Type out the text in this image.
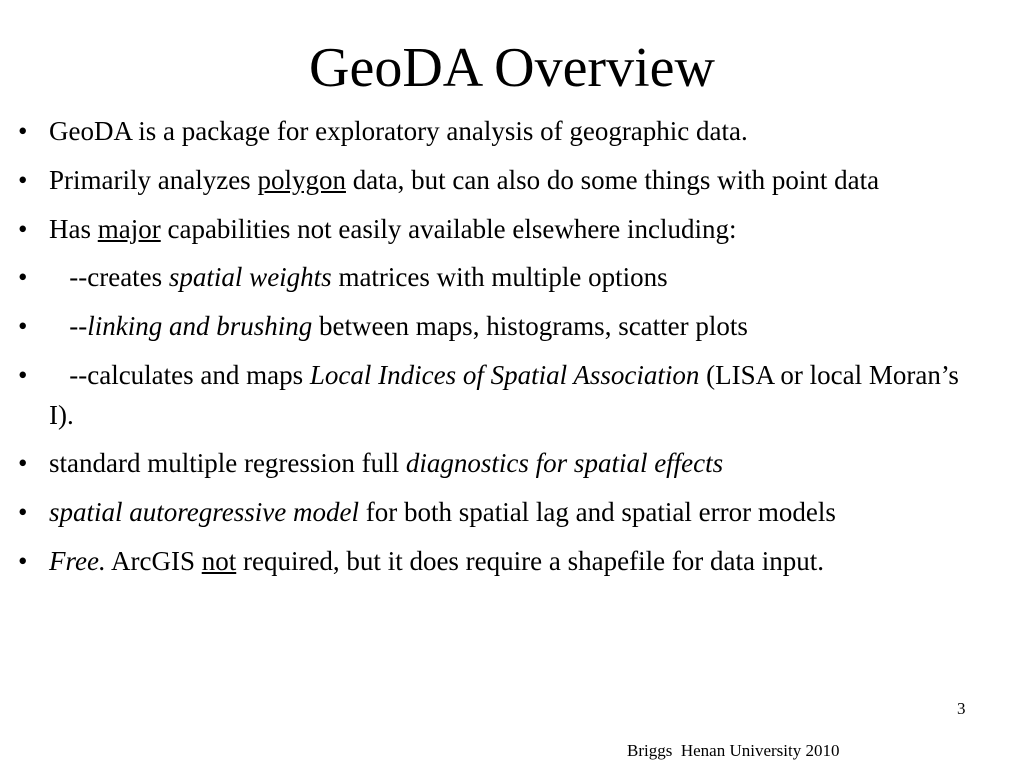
GeoDA Overview
• GeoDA is a package for exploratory analysis of geographic data.
• Primarily analyzes polygon data, but can also do some things with point data
• Has major capabilities not easily available elsewhere including:
• --creates spatial weights matrices with multiple options
• --linking and brushing between maps, histograms, scatter plots
• --calculates and maps Local Indices of Spatial Association (LISA or local Moran’s I).
• standard multiple regression full diagnostics for spatial effects
• spatial autoregressive model for both spatial lag and spatial error models
• Free. ArcGIS not required, but it does require a shapefile for data input.
3
Briggs  Henan University 2010
